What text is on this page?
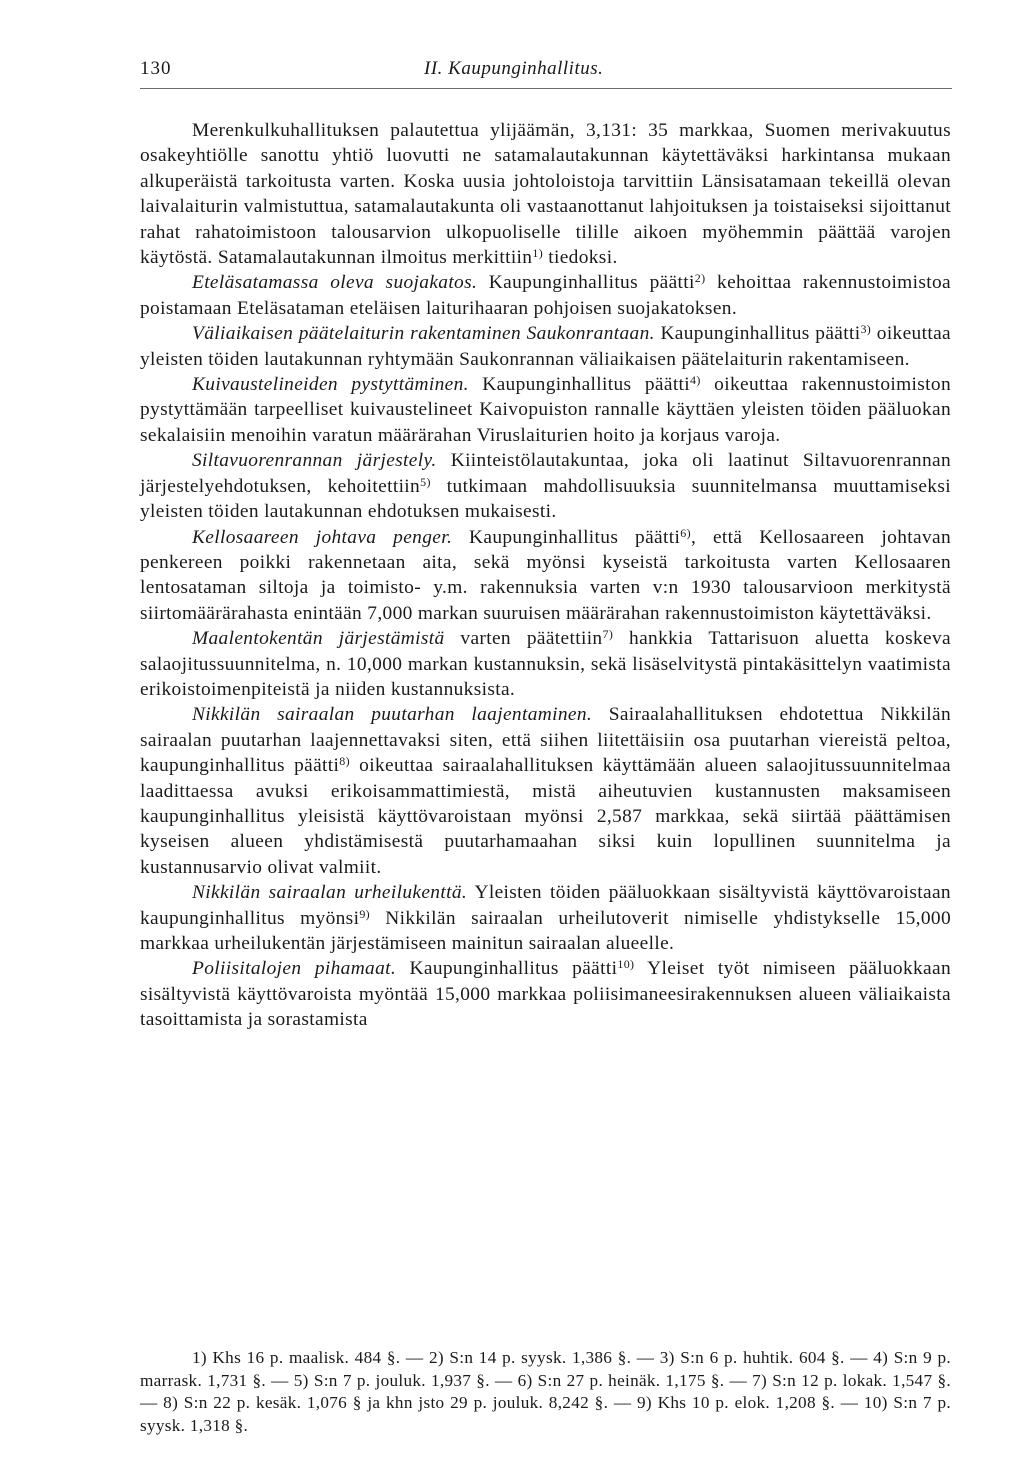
130	II. Kaupunginhallitus.

Merenkulkuhallituksen palautettua ylijäämän, 3,131: 35 markkaa, Suomen merivakuutus osakeyhtiölle sanottu yhtiö luovutti ne satamalautakunnan käytettäväksi harkintansa mukaan alkuperäistä tarkoitusta varten. Koska uusia johtoloistoja tarvittiin Länsisatamaan tekeillä olevan laivalaiturin valmistuttua, satamalautakunta oli vastaanottanut lahjoituksen ja toistaiseksi sijoittanut rahat rahatoimistoon talousarvion ulkopuoliselle tilille aikoen myöhemmin päättää varojen käytöstä. Satamalautakunnan ilmoitus merkittiin$^{1)}$ tiedoksi.

Eteläsatamassa oleva suojakatos. Kaupunginhallitus päätti$^{2)}$ kehoittaa rakennustoimistoa poistamaan Eteläsataman eteläisen laiturihaaran pohjoisen suojakatoksen.

Väliaikaisen päätelaiturin rakentaminen Saukonrantaan. Kaupunginhallitus päätti$^{3)}$ oikeuttaa yleisten töiden lautakunnan ryhtymään Saukonrannan väliaikaisen päätelaiturin rakentamiseen.

Kuivaustelineiden pystyttäminen. Kaupunginhallitus päätti$^{4)}$ oikeuttaa rakennustoimiston pystyttämään tarpeelliset kuivaustelineet Kaivopuiston rannalle käyttäen yleisten töiden pääluokan sekalaisiin menoihin varatun määrärahan Viruslaiturien hoito ja korjaus varoja.

Siltavuorenrannan järjestely. Kiinteistölautakuntaa, joka oli laatinut Siltavuorenrannan järjestelyehdotuksen, kehoitettiin$^{5)}$ tutkimaan mahdollisuuksia suunnitelmansa muuttamiseksi yleisten töiden lautakunnan ehdotuksen mukaisesti.

Kellosaareen johtava penger. Kaupunginhallitus päätti$^{6)}$, että Kellosaareen johtavan penkereen poikki rakennetaan aita, sekä myönsi kyseistä tarkoitusta varten Kellosaaren lentosataman siltoja ja toimisto- y.m. rakennuksia varten v:n 1930 talousarvioon merkitystä siirtomäärärahasta enintään 7,000 markan suuruisen määrärahan rakennustoimiston käytettäväksi.

Maalentokentän järjestämistä varten päätettiin$^{7)}$ hankkia Tattarisuon aluetta koskeva salaojitussuunnitelma, n. 10,000 markan kustannuksin, sekä lisäselvitystä pintakäsittelyn vaatimista erikoistoimenpiteistä ja niiden kustannuksista.

Nikkilän sairaalan puutarhan laajentaminen. Sairaalahallituksen ehdotettua Nikkilän sairaalan puutarhan laajennettavaksi siten, että siihen liitettäisiin osa puutarhan viereistä peltoa, kaupunginhallitus päätti$^{8)}$ oikeuttaa sairaalahallituksen käyttämään alueen salaojitussuunnitelmaa laadittaessa avuksi erikoisammattimiestä, mistä aiheutuvien kustannusten maksamiseen kaupunginhallitus yleisistä käyttövaroistaan myönsi 2,587 markkaa, sekä siirtää päättämisen kyseisen alueen yhdistämisestä puutarhamaahan siksi kuin lopullinen suunnitelma ja kustannusarvio olivat valmiit.

Nikkilän sairaalan urheilukenttä. Yleisten töiden pääluokkaan sisältyvistä käyttövaroistaan kaupunginhallitus myönsi$^{9)}$ Nikkilän sairaalan urheilutoverit nimiselle yhdistykselle 15,000 markkaa urheilukentän järjestämiseen mainitun sairaalan alueelle.

Poliisitalojen pihamaat. Kaupunginhallitus päätti$^{10)}$ Yleiset työt nimiseen pääluokkaan sisältyvistä käyttövaroista myöntää 15,000 markkaa poliisimaneesirakennuksen alueen väliaikaista tasoittamista ja sorastamista

1) Khs 16 p. maalisk. 484 §. — 2) S:n 14 p. syysk. 1,386 §. — 3) S:n 6 p. huhtik. 604 §. — 4) S:n 9 p. marrask. 1,731 §. — 5) S:n 7 p. jouluk. 1,937 §. — 6) S:n 27 p. heinäk. 1,175 §. — 7) S:n 12 p. lokak. 1,547 §. — 8) S:n 22 p. kesäk. 1,076 § ja khn jsto 29 p. jouluk. 8,242 §. — 9) Khs 10 p. elok. 1,208 §. — 10) S:n 7 p. syysk. 1,318 §.
